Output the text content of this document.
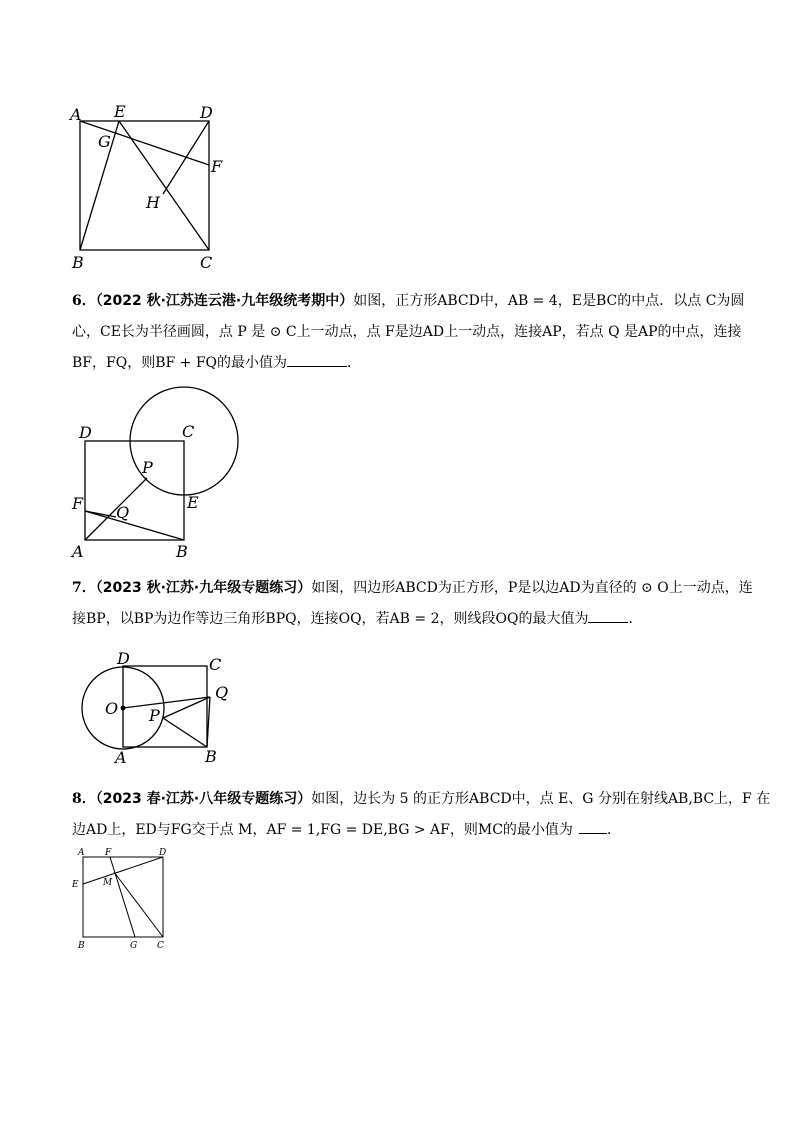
A E	D
G
F
H
B	C
6．（2022 秋·江苏连云港·九年级统考期中）如图，正方形ABCD中，AB = 4，E是BC的中点．以点 C为圆
心，CE长为半径画圆，点 P 是 ⊙ C上一动点，点 F是边AD上一动点，连接AP，若点 Q 是AP的中点，连接
BF，FQ，则BF + FQ的最小值为	．
D	C
P
F Q
E
A	B
7．（2023 秋·江苏·九年级专题练习）如图，四边形ABCD为正方形，P是以边AD为直径的 ⊙ O上一动点，连
接BP，以BP为边作等边三角形BPQ，连接OQ，若AB = 2，则线段OQ的最大值为	．
D	C
O P
Q
A	B
8．（2023 春·江苏·八年级专题练习）如图，边长为 5 的正方形ABCD中，点 E、G 分别在射线AB,BC上，F 在
边AD上，ED与FG交于点 M，AF = 1,FG = DE,BG > AF，则MC的最小值为 ．
A F	D
E	M
B	G C
